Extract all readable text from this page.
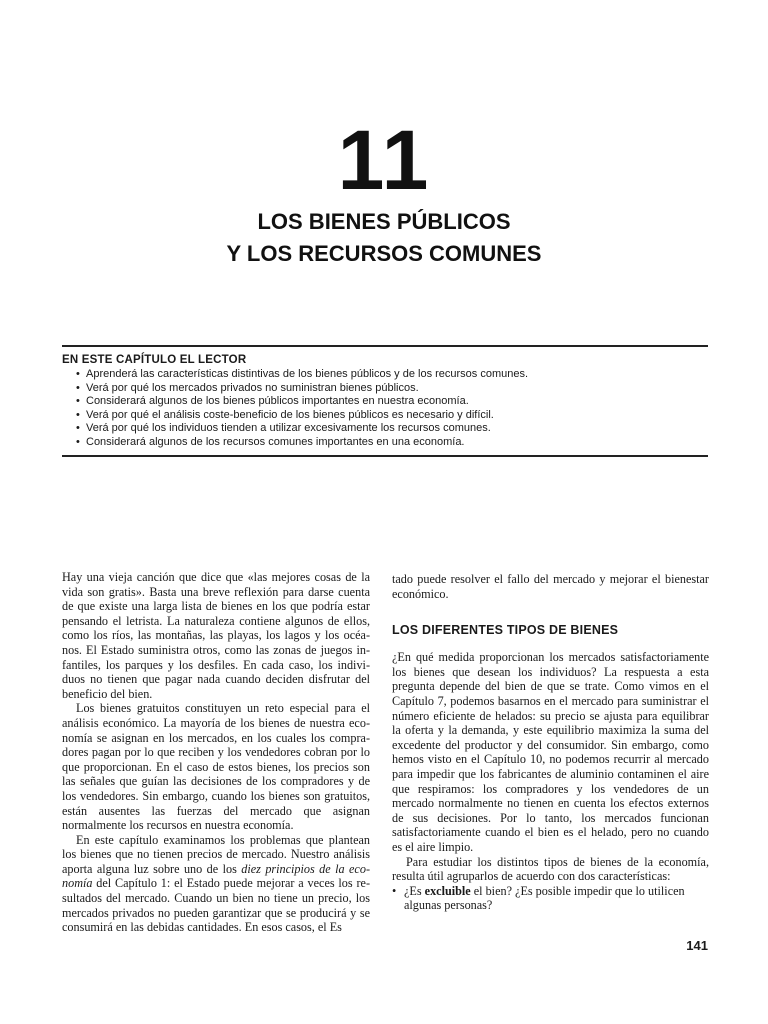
11
LOS BIENES PÚBLICOS
Y LOS RECURSOS COMUNES
EN ESTE CAPÍTULO EL LECTOR
• Aprenderá las características distintivas de los bienes públicos y de los recursos comunes.
• Verá por qué los mercados privados no suministran bienes públicos.
• Considerará algunos de los bienes públicos importantes en nuestra economía.
• Verá por qué el análisis coste-beneficio de los bienes públicos es necesario y difícil.
• Verá por qué los individuos tienden a utilizar excesivamente los recursos comunes.
• Considerará algunos de los recursos comunes importantes en una economía.

Hay una vieja canción que dice que «las mejores cosas de la vida son gratis». Basta una breve reflexión para darse cuenta de que existe una larga lista de bienes en los que podría estar pensando el letrista. La naturaleza contiene algunos de ellos, como los ríos, las montañas, las playas, los lagos y los océanos. El Estado suministra otros, como las zonas de juegos infantiles, los parques y los desfiles. En cada caso, los individuos no tienen que pagar nada cuando deciden disfrutar del beneficio del bien.

Los bienes gratuitos constituyen un reto especial para el análisis económico. La mayoría de los bienes de nuestra economía se asignan en los mercados, en los cuales los compradores pagan por lo que reciben y los vendedores cobran por lo que proporcionan. En el caso de estos bienes, los precios son las señales que guían las decisiones de los compradores y de los vendedores. Sin embargo, cuando los bienes son gratuitos, están ausentes las fuerzas del mercado que asignan normalmente los recursos en nuestra economía.

En este capítulo examinamos los problemas que plantean los bienes que no tienen precios de mercado. Nuestro análisis aporta alguna luz sobre uno de los diez principios de la economía del Capítulo 1: el Estado puede mejorar a veces los resultados del mercado. Cuando un bien no tiene un precio, los mercados privados no pueden garantizar que se producirá y se consumirá en las debidas cantidades. En esos casos, el Es

tado puede resolver el fallo del mercado y mejorar el bienestar económico.

LOS DIFERENTES TIPOS DE BIENES

¿En qué medida proporcionan los mercados satisfactoriamente los bienes que desean los individuos? La respuesta a esta pregunta depende del bien de que se trate. Como vimos en el Capítulo 7, podemos basarnos en el mercado para suministrar el número eficiente de helados: su precio se ajusta para equilibrar la oferta y la demanda, y este equilibrio maximiza la suma del excedente del productor y del consumidor. Sin embargo, como hemos visto en el Capítulo 10, no podemos recurrir al mercado para impedir que los fabricantes de aluminio contaminen el aire que respiramos: los compradores y los vendedores de un mercado normalmente no tienen en cuenta los efectos externos de sus decisiones. Por lo tanto, los mercados funcionan satisfactoriamente cuando el bien es el helado, pero no cuando es el aire limpio.

Para estudiar los distintos tipos de bienes de la economía, resulta útil agruparlos de acuerdo con dos características:

• ¿Es excluible el bien? ¿Es posible impedir que lo utilicen algunas personas?

141
